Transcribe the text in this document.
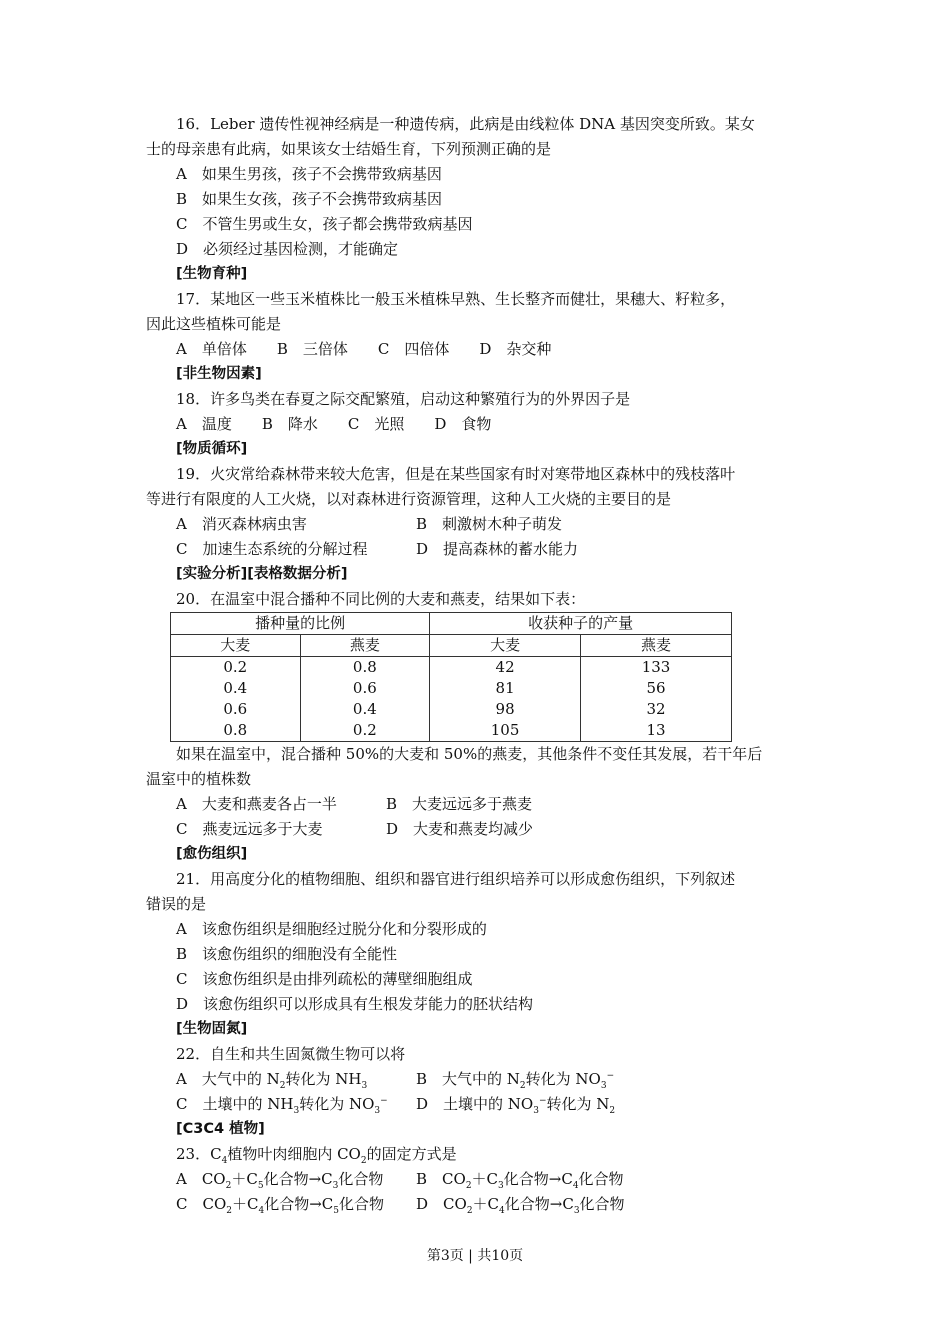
16．Leber 遗传性视神经病是一种遗传病，此病是由线粒体 DNA 基因突变所致。某女
士的母亲患有此病，如果该女士结婚生育，下列预测正确的是
A　如果生男孩，孩子不会携带致病基因
B　如果生女孩，孩子不会携带致病基因
C　不管生男或生女，孩子都会携带致病基因
D　必须经过基因检测，才能确定
[生物育种]
17．某地区一些玉米植株比一般玉米植株早熟、生长整齐而健壮，果穗大、籽粒多，
因此这些植株可能是
A　单倍体　　B　三倍体　　C　四倍体　　D　杂交种
[非生物因素]
18．许多鸟类在春夏之际交配繁殖，启动这种繁殖行为的外界因子是
A　温度　　B　降水　　C　光照　　D　食物
[物质循环]
19．火灾常给森林带来较大危害，但是在某些国家有时对寒带地区森林中的残枝落叶
等进行有限度的人工火烧，以对森林进行资源管理，这种人工火烧的主要目的是
A　消灭森林病虫害	B　刺激树木种子萌发
C　加速生态系统的分解过程	D　提高森林的蓄水能力
[实验分析][表格数据分析]
20．在温室中混合播种不同比例的大麦和燕麦，结果如下表：
播种量的比例		收获种子的产量	
大麦	燕麦	大麦	燕麦
0.2	0.8	42	133
0.4	0.6	81	56
0.6	0.4	98	32
0.8	0.2	105	13
如果在温室中，混合播种 50%的大麦和 50%的燕麦，其他条件不变任其发展，若干年后
温室中的植株数
A　大麦和燕麦各占一半	B　大麦远远多于燕麦
C　燕麦远远多于大麦	D　大麦和燕麦均减少
[愈伤组织]
21．用高度分化的植物细胞、组织和器官进行组织培养可以形成愈伤组织，下列叙述
错误的是
A　该愈伤组织是细胞经过脱分化和分裂形成的
B　该愈伤组织的细胞没有全能性
C　该愈伤组织是由排列疏松的薄壁细胞组成
D　该愈伤组织可以形成具有生根发芽能力的胚状结构
[生物固氮]
22．自生和共生固氮微生物可以将
A　大气中的 $N_2$转化为 $NH_3$	B　大气中的 $N_2$转化为 $NO_3^-$
C　土壤中的 $NH_3$转化为 $NO_3^-$	D　土壤中的 $NO_3^-$转化为 $N_2$
[C3C4 植物]
23．$C_4$植物叶肉细胞内 $CO_2$的固定方式是
A　$CO_2+C_5$化合物$\to C_3$化合物	B　$CO_2+C_3$化合物$\to C_4$化合物
C　$CO_2+C_4$化合物$\to C_5$化合物	D　$CO_2+C_4$化合物$\to C_3$化合物
第3页 | 共10页
